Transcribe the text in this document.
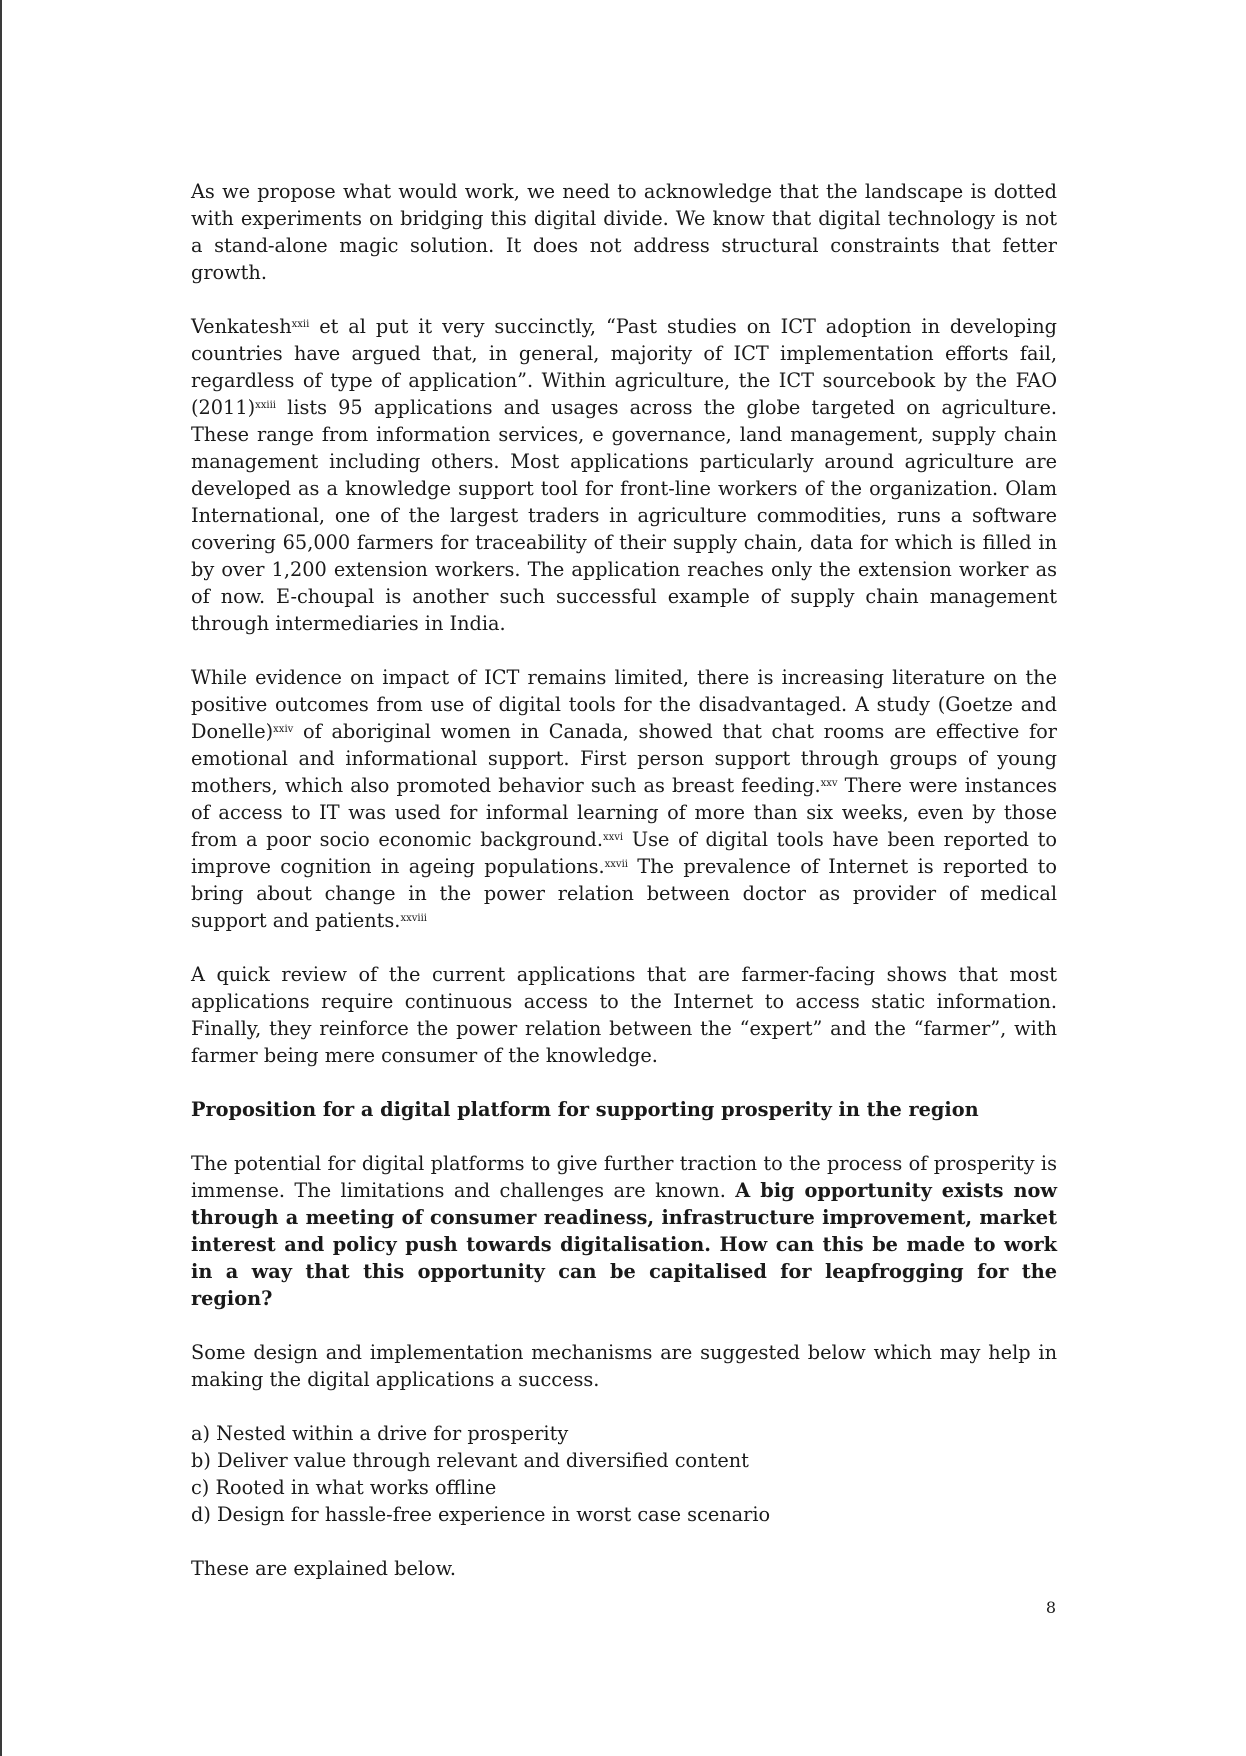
As we propose what would work, we need to acknowledge that the landscape is dotted with experiments on bridging this digital divide. We know that digital technology is not a stand-alone magic solution. It does not address structural constraints that fetter growth.

Venkatesh$^{xxii}$ et al put it very succinctly, “Past studies on ICT adoption in developing countries have argued that, in general, majority of ICT implementation efforts fail, regardless of type of application”. Within agriculture, the ICT sourcebook by the FAO $(2011)^{xxiii}$ lists 95 applications and usages across the globe targeted on agriculture. These range from information services, e governance, land management, supply chain management including others. Most applications particularly around agriculture are developed as a knowledge support tool for front-line workers of the organization. Olam International, one of the largest traders in agriculture commodities, runs a software covering 65,000 farmers for traceability of their supply chain, data for which is filled in by over 1,200 extension workers. The application reaches only the extension worker as of now. E-choupal is another such successful example of supply chain management through intermediaries in India.

While evidence on impact of ICT remains limited, there is increasing literature on the positive outcomes from use of digital tools for the disadvantaged. A study (Goetze and Donelle)$^{xxiv}$ of aboriginal women in Canada, showed that chat rooms are effective for emotional and informational support. First person support through groups of young mothers, which also promoted behavior such as breast feeding.$^{xxv}$ There were instances of access to IT was used for informal learning of more than six weeks, even by those from a poor socio economic background.$^{xxvi}$ Use of digital tools have been reported to improve cognition in ageing populations.$^{xxvii}$ The prevalence of Internet is reported to bring about change in the power relation between doctor as provider of medical support and patients.$^{xxviii}$

A quick review of the current applications that are farmer-facing shows that most applications require continuous access to the Internet to access static information. Finally, they reinforce the power relation between the “expert” and the “farmer”, with farmer being mere consumer of the knowledge.

Proposition for a digital platform for supporting prosperity in the region

The potential for digital platforms to give further traction to the process of prosperity is immense. The limitations and challenges are known. A big opportunity exists now through a meeting of consumer readiness, infrastructure improvement, market interest and policy push towards digitalisation. How can this be made to work in a way that this opportunity can be capitalised for leapfrogging for the region?

Some design and implementation mechanisms are suggested below which may help in making the digital applications a success.

a) Nested within a drive for prosperity
b) Deliver value through relevant and diversified content
c) Rooted in what works offline
d) Design for hassle-free experience in worst case scenario

These are explained below.

8
